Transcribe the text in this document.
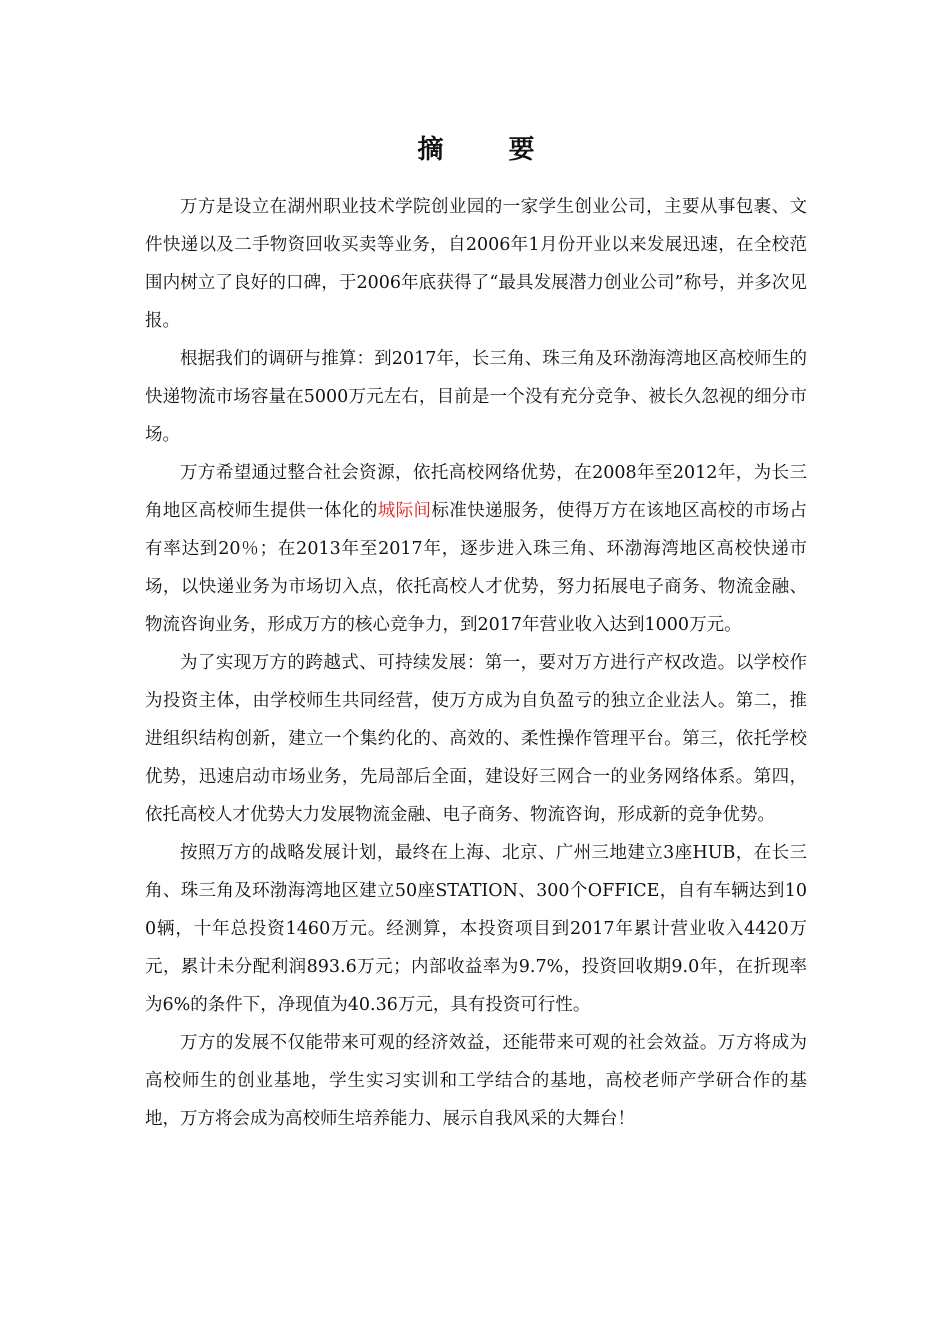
摘 要

万方是设立在湖州职业技术学院创业园的一家学生创业公司，主要从事包裹、文件快递以及二手物资回收买卖等业务，自2006年1月份开业以来发展迅速，在全校范围内树立了良好的口碑，于2006年底获得了“最具发展潜力创业公司”称号，并多次见报。

根据我们的调研与推算：到2017年，长三角、珠三角及环渤海湾地区高校师生的快递物流市场容量在5000万元左右，目前是一个没有充分竞争、被长久忽视的细分市场。

万方希望通过整合社会资源，依托高校网络优势，在2008年至2012年，为长三角地区高校师生提供一体化的城际间标准快递服务，使得万方在该地区高校的市场占有率达到20％；在2013年至2017年，逐步进入珠三角、环渤海湾地区高校快递市场，以快递业务为市场切入点，依托高校人才优势，努力拓展电子商务、物流金融、物流咨询业务，形成万方的核心竞争力，到2017年营业收入达到1000万元。

为了实现万方的跨越式、可持续发展：第一，要对万方进行产权改造。以学校作为投资主体，由学校师生共同经营，使万方成为自负盈亏的独立企业法人。第二，推进组织结构创新，建立一个集约化的、高效的、柔性操作管理平台。第三，依托学校优势，迅速启动市场业务，先局部后全面，建设好三网合一的业务网络体系。第四，依托高校人才优势大力发展物流金融、电子商务、物流咨询，形成新的竞争优势。

按照万方的战略发展计划，最终在上海、北京、广州三地建立3座HUB，在长三角、珠三角及环渤海湾地区建立50座STATION、300个OFFICE，自有车辆达到100辆，十年总投资1460万元。经测算，本投资项目到2017年累计营业收入4420万元，累计未分配利润893.6万元；内部收益率为9.7%，投资回收期9.0年，在折现率为6%的条件下，净现值为40.36万元，具有投资可行性。

万方的发展不仅能带来可观的经济效益，还能带来可观的社会效益。万方将成为高校师生的创业基地，学生实习实训和工学结合的基地，高校老师产学研合作的基地，万方将会成为高校师生培养能力、展示自我风采的大舞台！
